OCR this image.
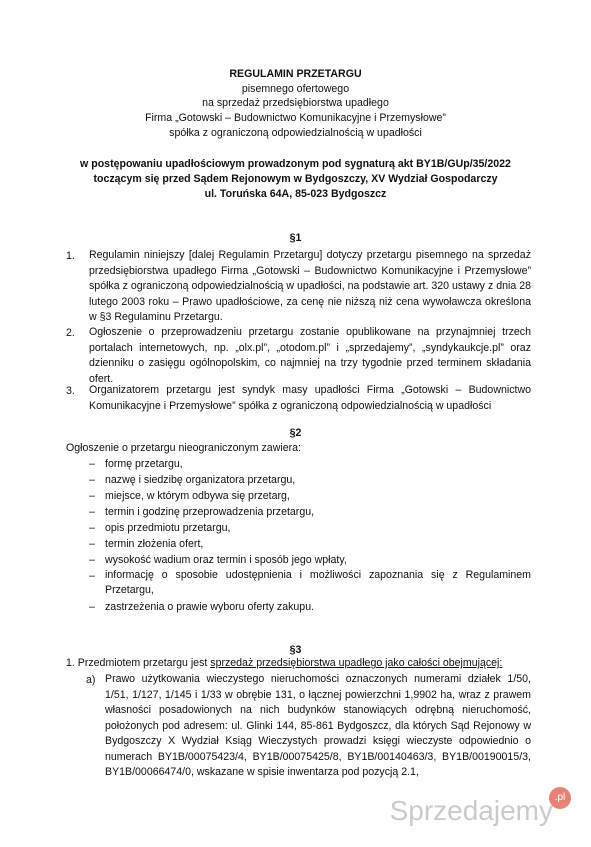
REGULAMIN PRZETARGU
pisemnego ofertowego
na sprzedaż przedsiębiorstwa upadłego
Firma „Gotowski – Budownictwo Komunikacyjne i Przemysłowe”
spółka z ograniczoną odpowiedzialnością w upadłości
w postępowaniu upadłościowym prowadzonym pod sygnaturą akt BY1B/GUp/35/2022
toczącym się przed Sądem Rejonowym w Bydgoszczy, XV Wydział Gospodarczy
ul. Toruńska 64A, 85-023 Bydgoszcz
§1
1. Regulamin niniejszy [dalej Regulamin Przetargu] dotyczy przetargu pisemnego na sprzedaż przedsiębiorstwa upadłego Firma „Gotowski – Budownictwo Komunikacyjne i Przemysłowe” spółka z ograniczoną odpowiedzialnością w upadłości, na podstawie art. 320 ustawy z dnia 28 lutego 2003 roku – Prawo upadłościowe, za cenę nie niższą niż cena wywoławcza określona w §3 Regulaminu Przetargu.
2. Ogłoszenie o przeprowadzeniu przetargu zostanie opublikowane na przynajmniej trzech portalach internetowych, np. „olx.pl”, „otodom.pl” i „sprzedajemy”, „syndykaukcje.pl” oraz dzienniku o zasięgu ogólnopolskim, co najmniej na trzy tygodnie przed terminem składania ofert.
3. Organizatorem przetargu jest syndyk masy upadłości Firma „Gotowski – Budownictwo Komunikacyjne i Przemysłowe” spółka z ograniczoną odpowiedzialnością w upadłości
§2
Ogłoszenie o przetargu nieograniczonym zawiera:
– formę przetargu,
– nazwę i siedzibę organizatora przetargu,
– miejsce, w którym odbywa się przetarg,
– termin i godzinę przeprowadzenia przetargu,
– opis przedmiotu przetargu,
– termin złożenia ofert,
– wysokość wadium oraz termin i sposób jego wpłaty,
– informację o sposobie udostępnienia i możliwości zapoznania się z Regulaminem Przetargu,
– zastrzeżenia o prawie wyboru oferty zakupu.
§3
1. Przedmiotem przetargu jest sprzedaż przedsiębiorstwa upadłego jako całości obejmującej:
a) Prawo użytkowania wieczystego nieruchomości oznaczonych numerami działek 1/50, 1/51, 1/127, 1/145 i 1/33 w obrębie 131, o łącznej powierzchni 1,9902 ha, wraz z prawem własności posadowionych na nich budynków stanowiących odrębną nieruchomość, położonych pod adresem: ul. Glinki 144, 85-861 Bydgoszcz, dla których Sąd Rejonowy w Bydgoszczy X Wydział Ksiąg Wieczystych prowadzi księgi wieczyste odpowiednio o numerach BY1B/00075423/4, BY1B/00075425/8, BY1B/00140463/3, BY1B/00190015/3, BY1B/00066474/0, wskazane w spisie inwentarza pod pozycją 2.1,
.pl
Sprzedajemy
